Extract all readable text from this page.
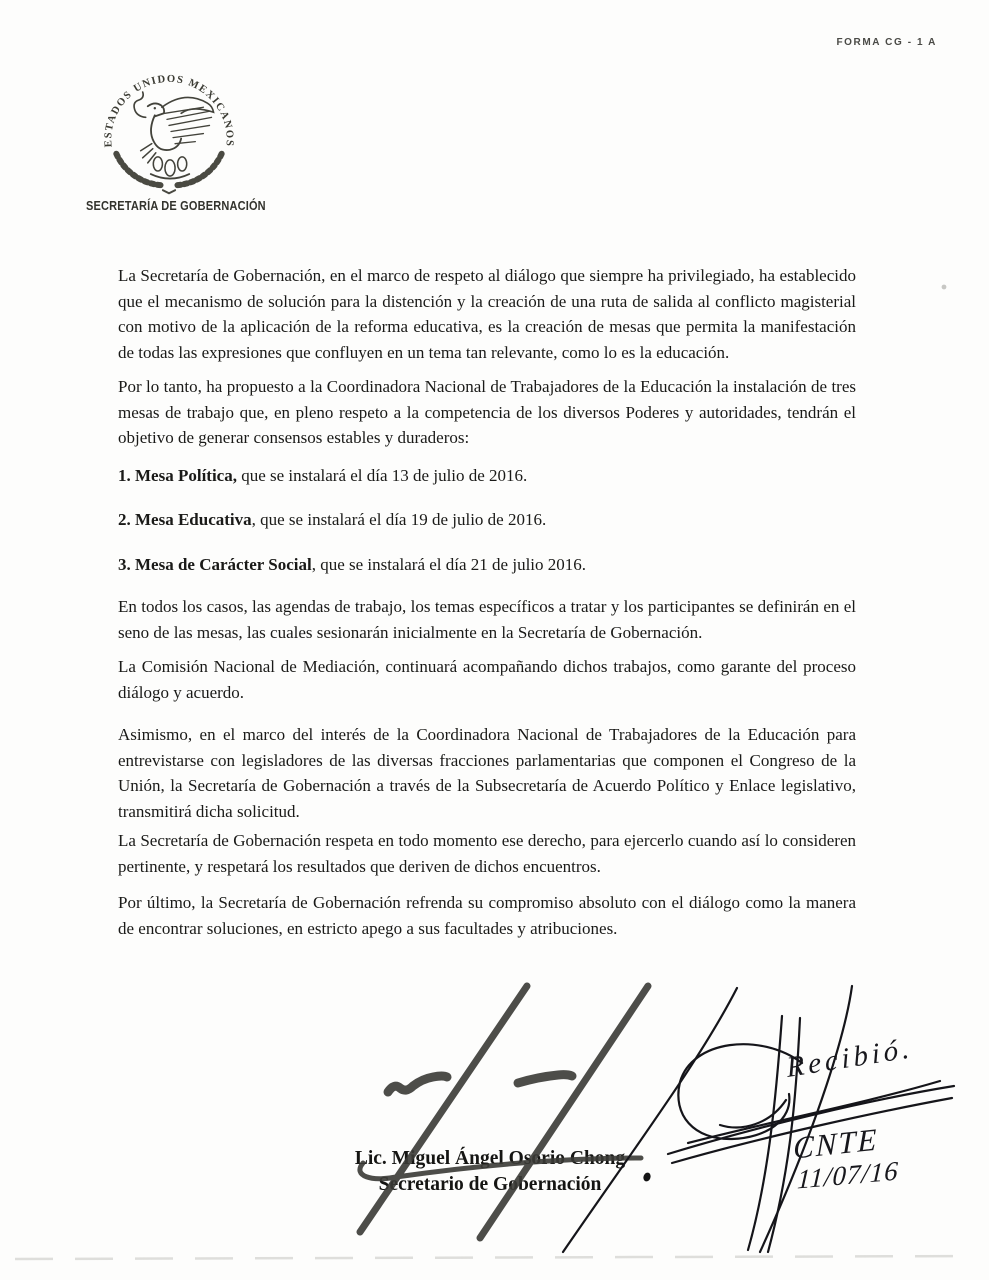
FORMA CG - 1 A
ESTADOS UNIDOS MEXICANOS
SECRETARÍA DE GOBERNACIÓN

La Secretaría de Gobernación, en el marco de respeto al diálogo que siempre ha privilegiado, ha establecido que el mecanismo de solución para la distención y la creación de una ruta de salida al conflicto magisterial con motivo de la aplicación de la reforma educativa, es la creación de mesas que permita la manifestación de todas las expresiones que confluyen en un tema tan relevante, como lo es la educación.

Por lo tanto, ha propuesto a la Coordinadora Nacional de Trabajadores de la Educación la instalación de tres mesas de trabajo que, en pleno respeto a la competencia de los diversos Poderes y autoridades, tendrán el objetivo de generar consensos estables y duraderos:

1. Mesa Política, que se instalará el día 13 de julio de 2016.

2. Mesa Educativa, que se instalará el día 19 de julio de 2016.

3. Mesa de Carácter Social, que se instalará el día 21 de julio 2016.

En todos los casos, las agendas de trabajo, los temas específicos a tratar y los participantes se definirán en el seno de las mesas, las cuales sesionarán inicialmente en la Secretaría de Gobernación.

La Comisión Nacional de Mediación, continuará acompañando dichos trabajos, como garante del proceso diálogo y acuerdo.

Asimismo, en el marco del interés de la Coordinadora Nacional de Trabajadores de la Educación para entrevistarse con legisladores de las diversas fracciones parlamentarias que componen el Congreso de la Unión, la Secretaría de Gobernación a través de la Subsecretaría de Acuerdo Político y Enlace legislativo, transmitirá dicha solicitud.

La Secretaría de Gobernación respeta en todo momento ese derecho, para ejercerlo cuando así lo consideren pertinente, y respetará los resultados que deriven de dichos encuentros.

Por último, la Secretaría de Gobernación refrenda su compromiso absoluto con el diálogo como la manera de encontrar soluciones, en estricto apego a sus facultades y atribuciones.

Lic. Miguel Ángel Osorio Chong
Secretario de Gobernación
Recibió.
CNTE
11/07/16
